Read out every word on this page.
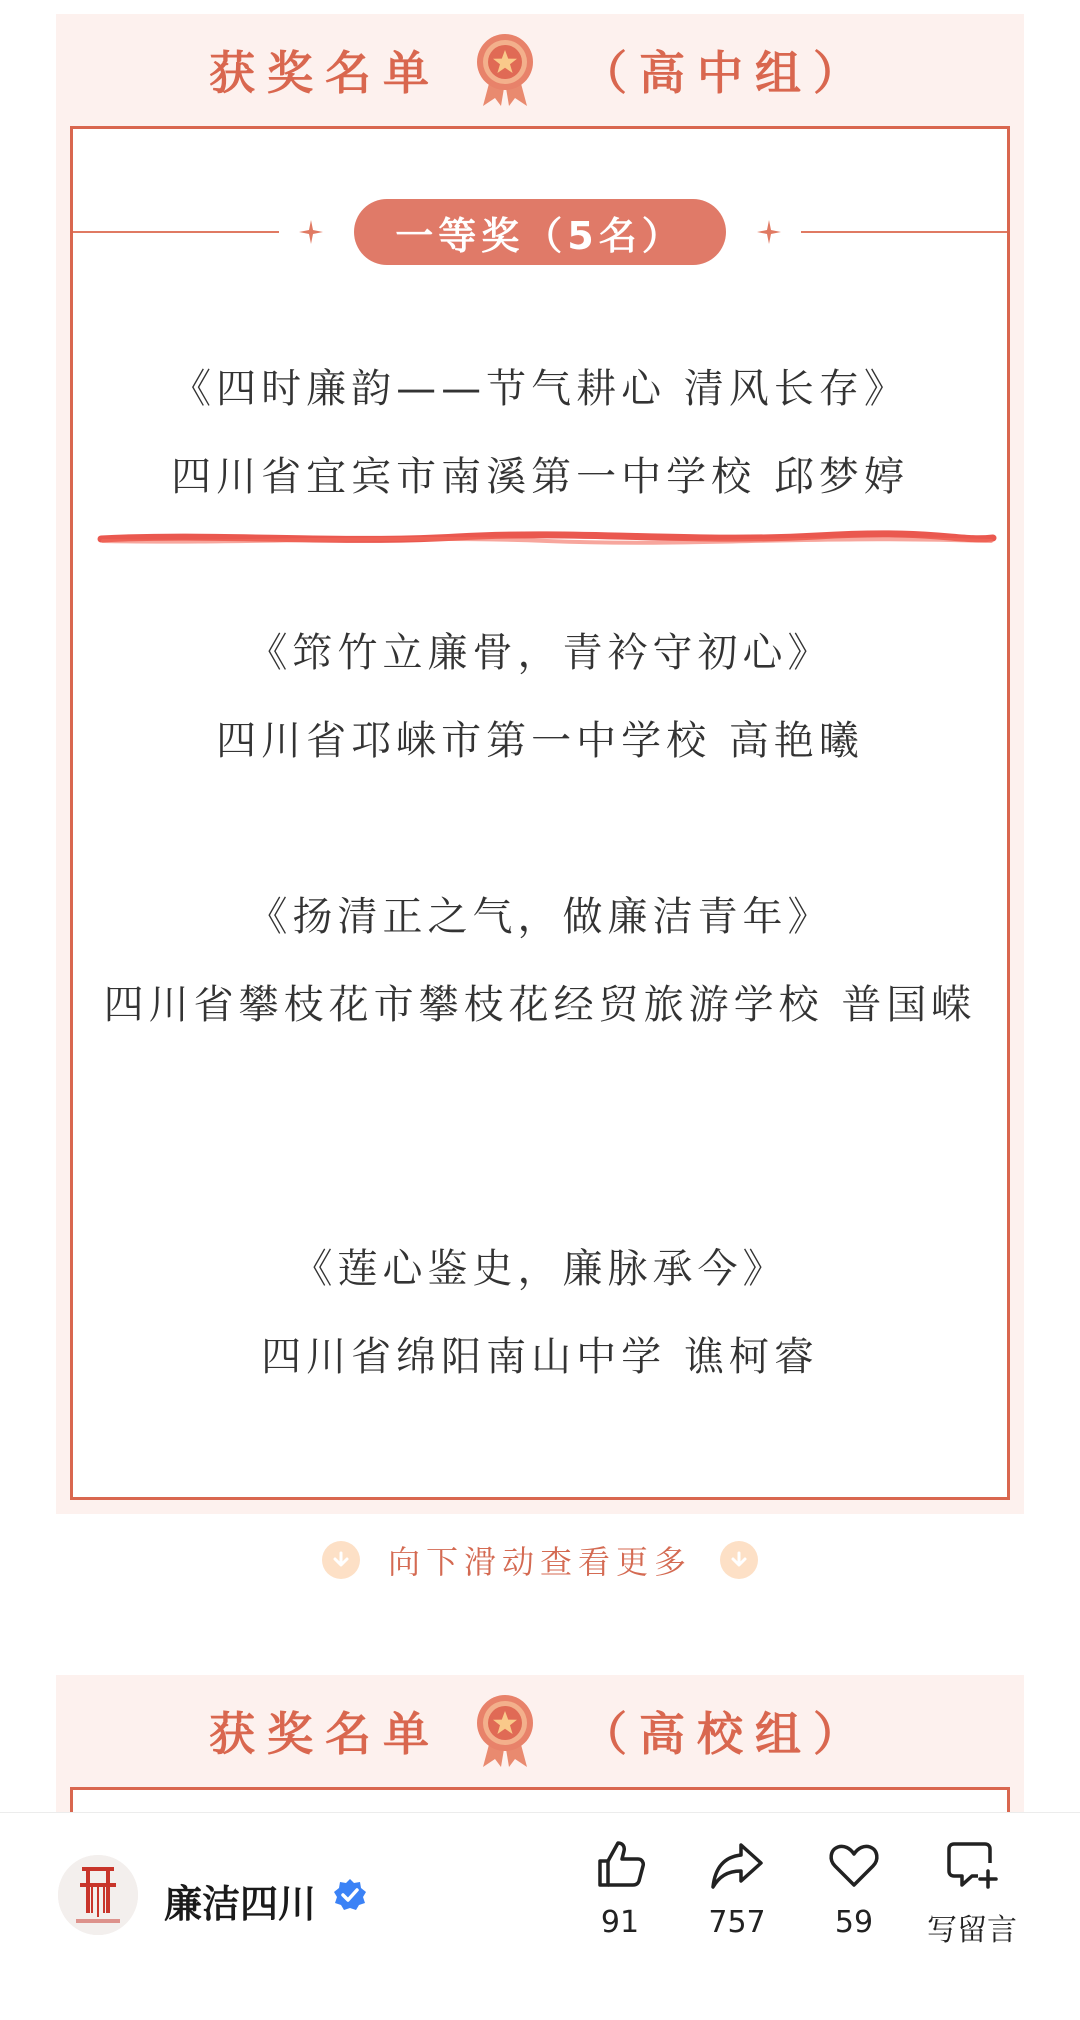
获奖名单	（高中组）
一等奖（5名）
《四时廉韵——节气耕心 清风长存》
四川省宜宾市南溪第一中学校 邱梦婷
《筇竹立廉骨，青衿守初心》
四川省邛崃市第一中学校 高艳曦
《扬清正之气，做廉洁青年》
四川省攀枝花市攀枝花经贸旅游学校 普国嵘
《莲心鉴史，廉脉承今》
四川省绵阳南山中学 谯柯睿
向下滑动查看更多
获奖名单	（高校组）
廉洁四川	91	757	59	写留言
